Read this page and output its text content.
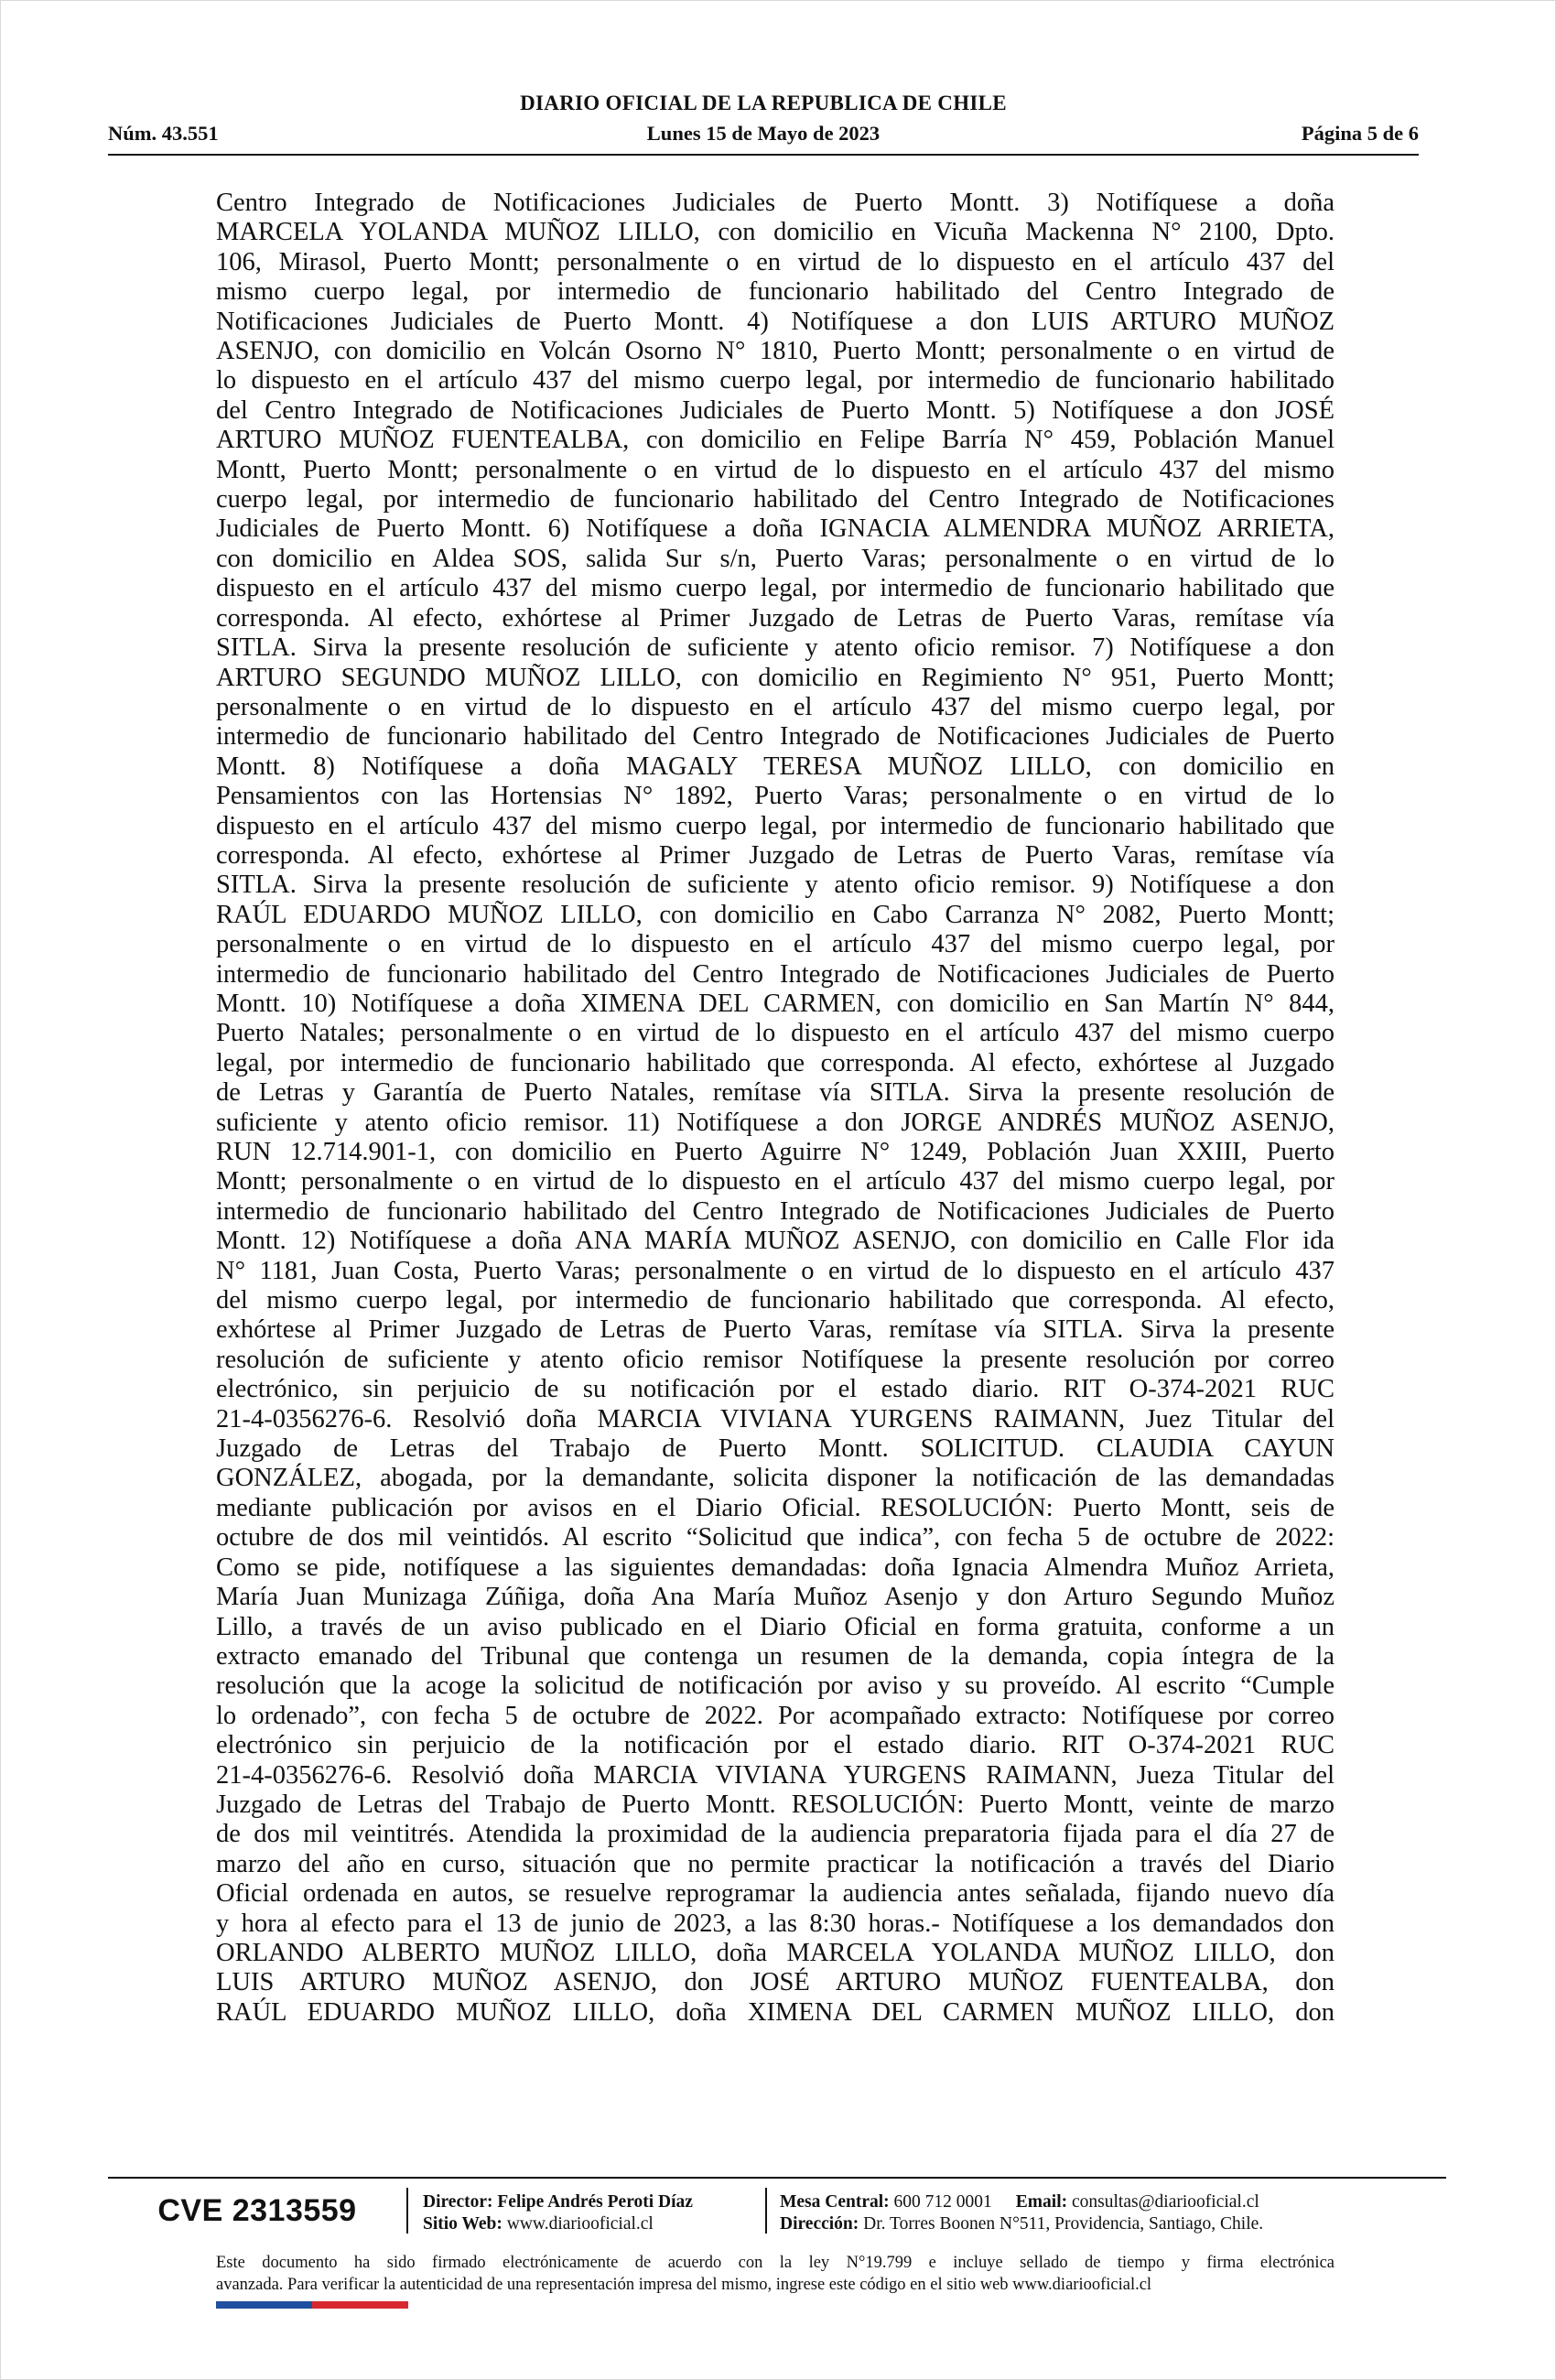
DIARIO OFICIAL DE LA REPUBLICA DE CHILE
Núm. 43.551	Lunes 15 de Mayo de 2023	Página 5 de 6
Centro Integrado de Notificaciones Judiciales de Puerto Montt. 3) Notifíquese a doña
MARCELA YOLANDA MUÑOZ LILLO, con domicilio en Vicuña Mackenna N° 2100, Dpto.
106, Mirasol, Puerto Montt; personalmente o en virtud de lo dispuesto en el artículo 437 del
mismo cuerpo legal, por intermedio de funcionario habilitado del Centro Integrado de
Notificaciones Judiciales de Puerto Montt. 4) Notifíquese a don LUIS ARTURO MUÑOZ
ASENJO, con domicilio en Volcán Osorno N° 1810, Puerto Montt; personalmente o en virtud de
lo dispuesto en el artículo 437 del mismo cuerpo legal, por intermedio de funcionario habilitado
del Centro Integrado de Notificaciones Judiciales de Puerto Montt. 5) Notifíquese a don JOSÉ
ARTURO MUÑOZ FUENTEALBA, con domicilio en Felipe Barría N° 459, Población Manuel
Montt, Puerto Montt; personalmente o en virtud de lo dispuesto en el artículo 437 del mismo
cuerpo legal, por intermedio de funcionario habilitado del Centro Integrado de Notificaciones
Judiciales de Puerto Montt. 6) Notifíquese a doña IGNACIA ALMENDRA MUÑOZ ARRIETA,
con domicilio en Aldea SOS, salida Sur s/n, Puerto Varas; personalmente o en virtud de lo
dispuesto en el artículo 437 del mismo cuerpo legal, por intermedio de funcionario habilitado que
corresponda. Al efecto, exhórtese al Primer Juzgado de Letras de Puerto Varas, remítase vía
SITLA. Sirva la presente resolución de suficiente y atento oficio remisor. 7) Notifíquese a don
ARTURO SEGUNDO MUÑOZ LILLO, con domicilio en Regimiento N° 951, Puerto Montt;
personalmente o en virtud de lo dispuesto en el artículo 437 del mismo cuerpo legal, por
intermedio de funcionario habilitado del Centro Integrado de Notificaciones Judiciales de Puerto
Montt. 8) Notifíquese a doña MAGALY TERESA MUÑOZ LILLO, con domicilio en
Pensamientos con las Hortensias N° 1892, Puerto Varas; personalmente o en virtud de lo
dispuesto en el artículo 437 del mismo cuerpo legal, por intermedio de funcionario habilitado que
corresponda. Al efecto, exhórtese al Primer Juzgado de Letras de Puerto Varas, remítase vía
SITLA. Sirva la presente resolución de suficiente y atento oficio remisor. 9) Notifíquese a don
RAÚL EDUARDO MUÑOZ LILLO, con domicilio en Cabo Carranza N° 2082, Puerto Montt;
personalmente o en virtud de lo dispuesto en el artículo 437 del mismo cuerpo legal, por
intermedio de funcionario habilitado del Centro Integrado de Notificaciones Judiciales de Puerto
Montt. 10) Notifíquese a doña XIMENA DEL CARMEN, con domicilio en San Martín N° 844,
Puerto Natales; personalmente o en virtud de lo dispuesto en el artículo 437 del mismo cuerpo
legal, por intermedio de funcionario habilitado que corresponda. Al efecto, exhórtese al Juzgado
de Letras y Garantía de Puerto Natales, remítase vía SITLA. Sirva la presente resolución de
suficiente y atento oficio remisor. 11) Notifíquese a don JORGE ANDRÉS MUÑOZ ASENJO,
RUN 12.714.901-1, con domicilio en Puerto Aguirre N° 1249, Población Juan XXIII, Puerto
Montt; personalmente o en virtud de lo dispuesto en el artículo 437 del mismo cuerpo legal, por
intermedio de funcionario habilitado del Centro Integrado de Notificaciones Judiciales de Puerto
Montt. 12) Notifíquese a doña ANA MARÍA MUÑOZ ASENJO, con domicilio en Calle Flor ida
N° 1181, Juan Costa, Puerto Varas; personalmente o en virtud de lo dispuesto en el artículo 437
del mismo cuerpo legal, por intermedio de funcionario habilitado que corresponda. Al efecto,
exhórtese al Primer Juzgado de Letras de Puerto Varas, remítase vía SITLA. Sirva la presente
resolución de suficiente y atento oficio remisor Notifíquese la presente resolución por correo
electrónico, sin perjuicio de su notificación por el estado diario. RIT O-374-2021 RUC
21-4-0356276-6. Resolvió doña MARCIA VIVIANA YURGENS RAIMANN, Juez Titular del
Juzgado de Letras del Trabajo de Puerto Montt. SOLICITUD. CLAUDIA CAYUN
GONZÁLEZ, abogada, por la demandante, solicita disponer la notificación de las demandadas
mediante publicación por avisos en el Diario Oficial. RESOLUCIÓN: Puerto Montt, seis de
octubre de dos mil veintidós. Al escrito “Solicitud que indica”, con fecha 5 de octubre de 2022:
Como se pide, notifíquese a las siguientes demandadas: doña Ignacia Almendra Muñoz Arrieta,
María Juan Munizaga Zúñiga, doña Ana María Muñoz Asenjo y don Arturo Segundo Muñoz
Lillo, a través de un aviso publicado en el Diario Oficial en forma gratuita, conforme a un
extracto emanado del Tribunal que contenga un resumen de la demanda, copia íntegra de la
resolución que la acoge la solicitud de notificación por aviso y su proveído. Al escrito “Cumple
lo ordenado”, con fecha 5 de octubre de 2022. Por acompañado extracto: Notifíquese por correo
electrónico sin perjuicio de la notificación por el estado diario. RIT O-374-2021 RUC
21-4-0356276-6. Resolvió doña MARCIA VIVIANA YURGENS RAIMANN, Jueza Titular del
Juzgado de Letras del Trabajo de Puerto Montt. RESOLUCIÓN: Puerto Montt, veinte de marzo
de dos mil veintitrés. Atendida la proximidad de la audiencia preparatoria fijada para el día 27 de
marzo del año en curso, situación que no permite practicar la notificación a través del Diario
Oficial ordenada en autos, se resuelve reprogramar la audiencia antes señalada, fijando nuevo día
y hora al efecto para el 13 de junio de 2023, a las 8:30 horas.- Notifíquese a los demandados don
ORLANDO ALBERTO MUÑOZ LILLO, doña MARCELA YOLANDA MUÑOZ LILLO, don
LUIS ARTURO MUÑOZ ASENJO, don JOSÉ ARTURO MUÑOZ FUENTEALBA, don
RAÚL EDUARDO MUÑOZ LILLO, doña XIMENA DEL CARMEN MUÑOZ LILLO, don
CVE 2313559	Director: Felipe Andrés Peroti Díaz
Sitio Web: www.diariooficial.cl
Mesa Central: 600 712 0001 Email: consultas@diariooficial.cl
Dirección: Dr. Torres Boonen N°511, Providencia, Santiago, Chile.
Este documento ha sido firmado electrónicamente de acuerdo con la ley N°19.799 e incluye sellado de tiempo y firma electrónica
avanzada. Para verificar la autenticidad de una representación impresa del mismo, ingrese este código en el sitio web www.diariooficial.cl
